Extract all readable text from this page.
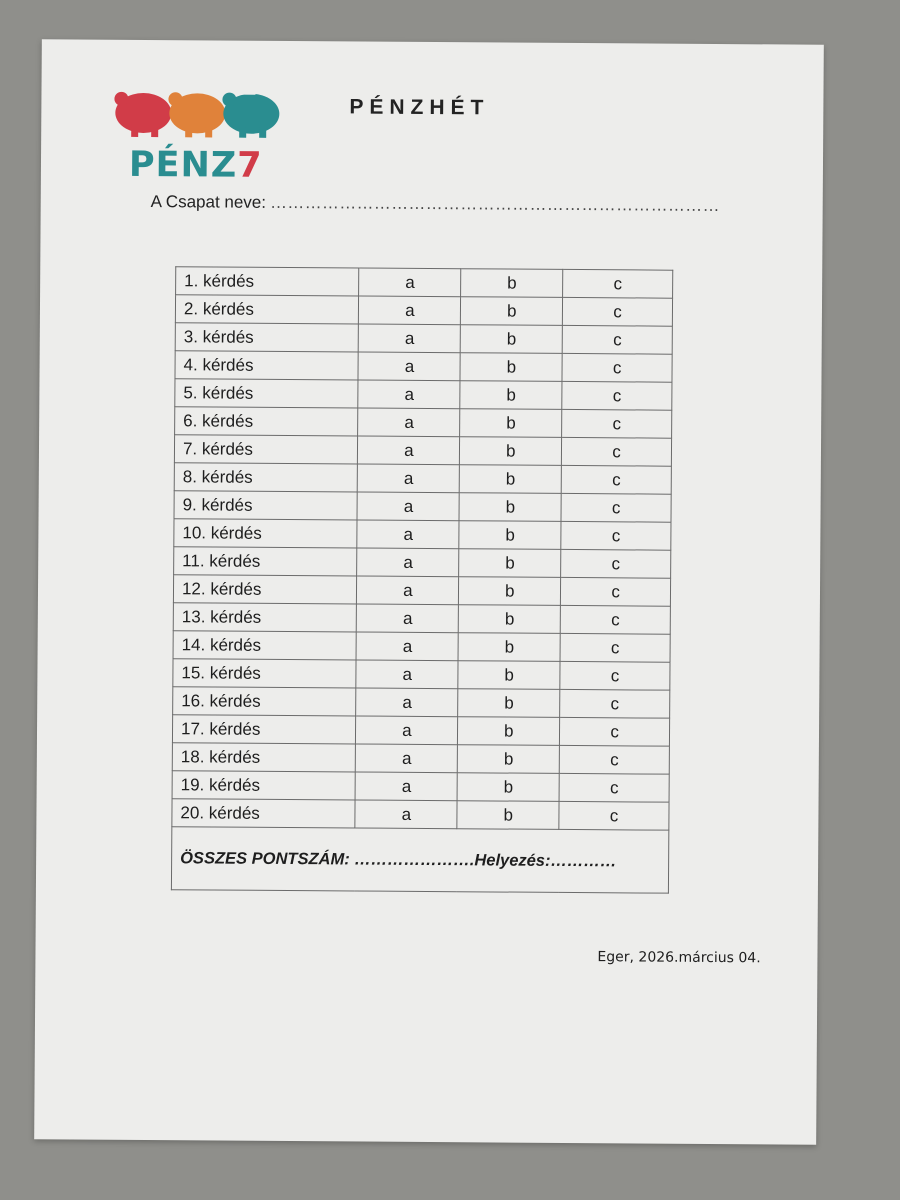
PÉNZ7
PÉNZHÉT
A Csapat neve: ……………………………………………………………………
1. kérdés	a	b	c
2. kérdés	a	b	c
3. kérdés	a	b	c
4. kérdés	a	b	c
5. kérdés	a	b	c
6. kérdés	a	b	c
7. kérdés	a	b	c
8. kérdés	a	b	c
9. kérdés	a	b	c
10. kérdés	a	b	c
11. kérdés	a	b	c
12. kérdés	a	b	c
13. kérdés	a	b	c
14. kérdés	a	b	c
15. kérdés	a	b	c
16. kérdés	a	b	c
17. kérdés	a	b	c
18. kérdés	a	b	c
19. kérdés	a	b	c
20. kérdés	a	b	c
ÖSSZES PONTSZÁM: ………………….Helyezés:…………			
Eger, 2026.március 04.
